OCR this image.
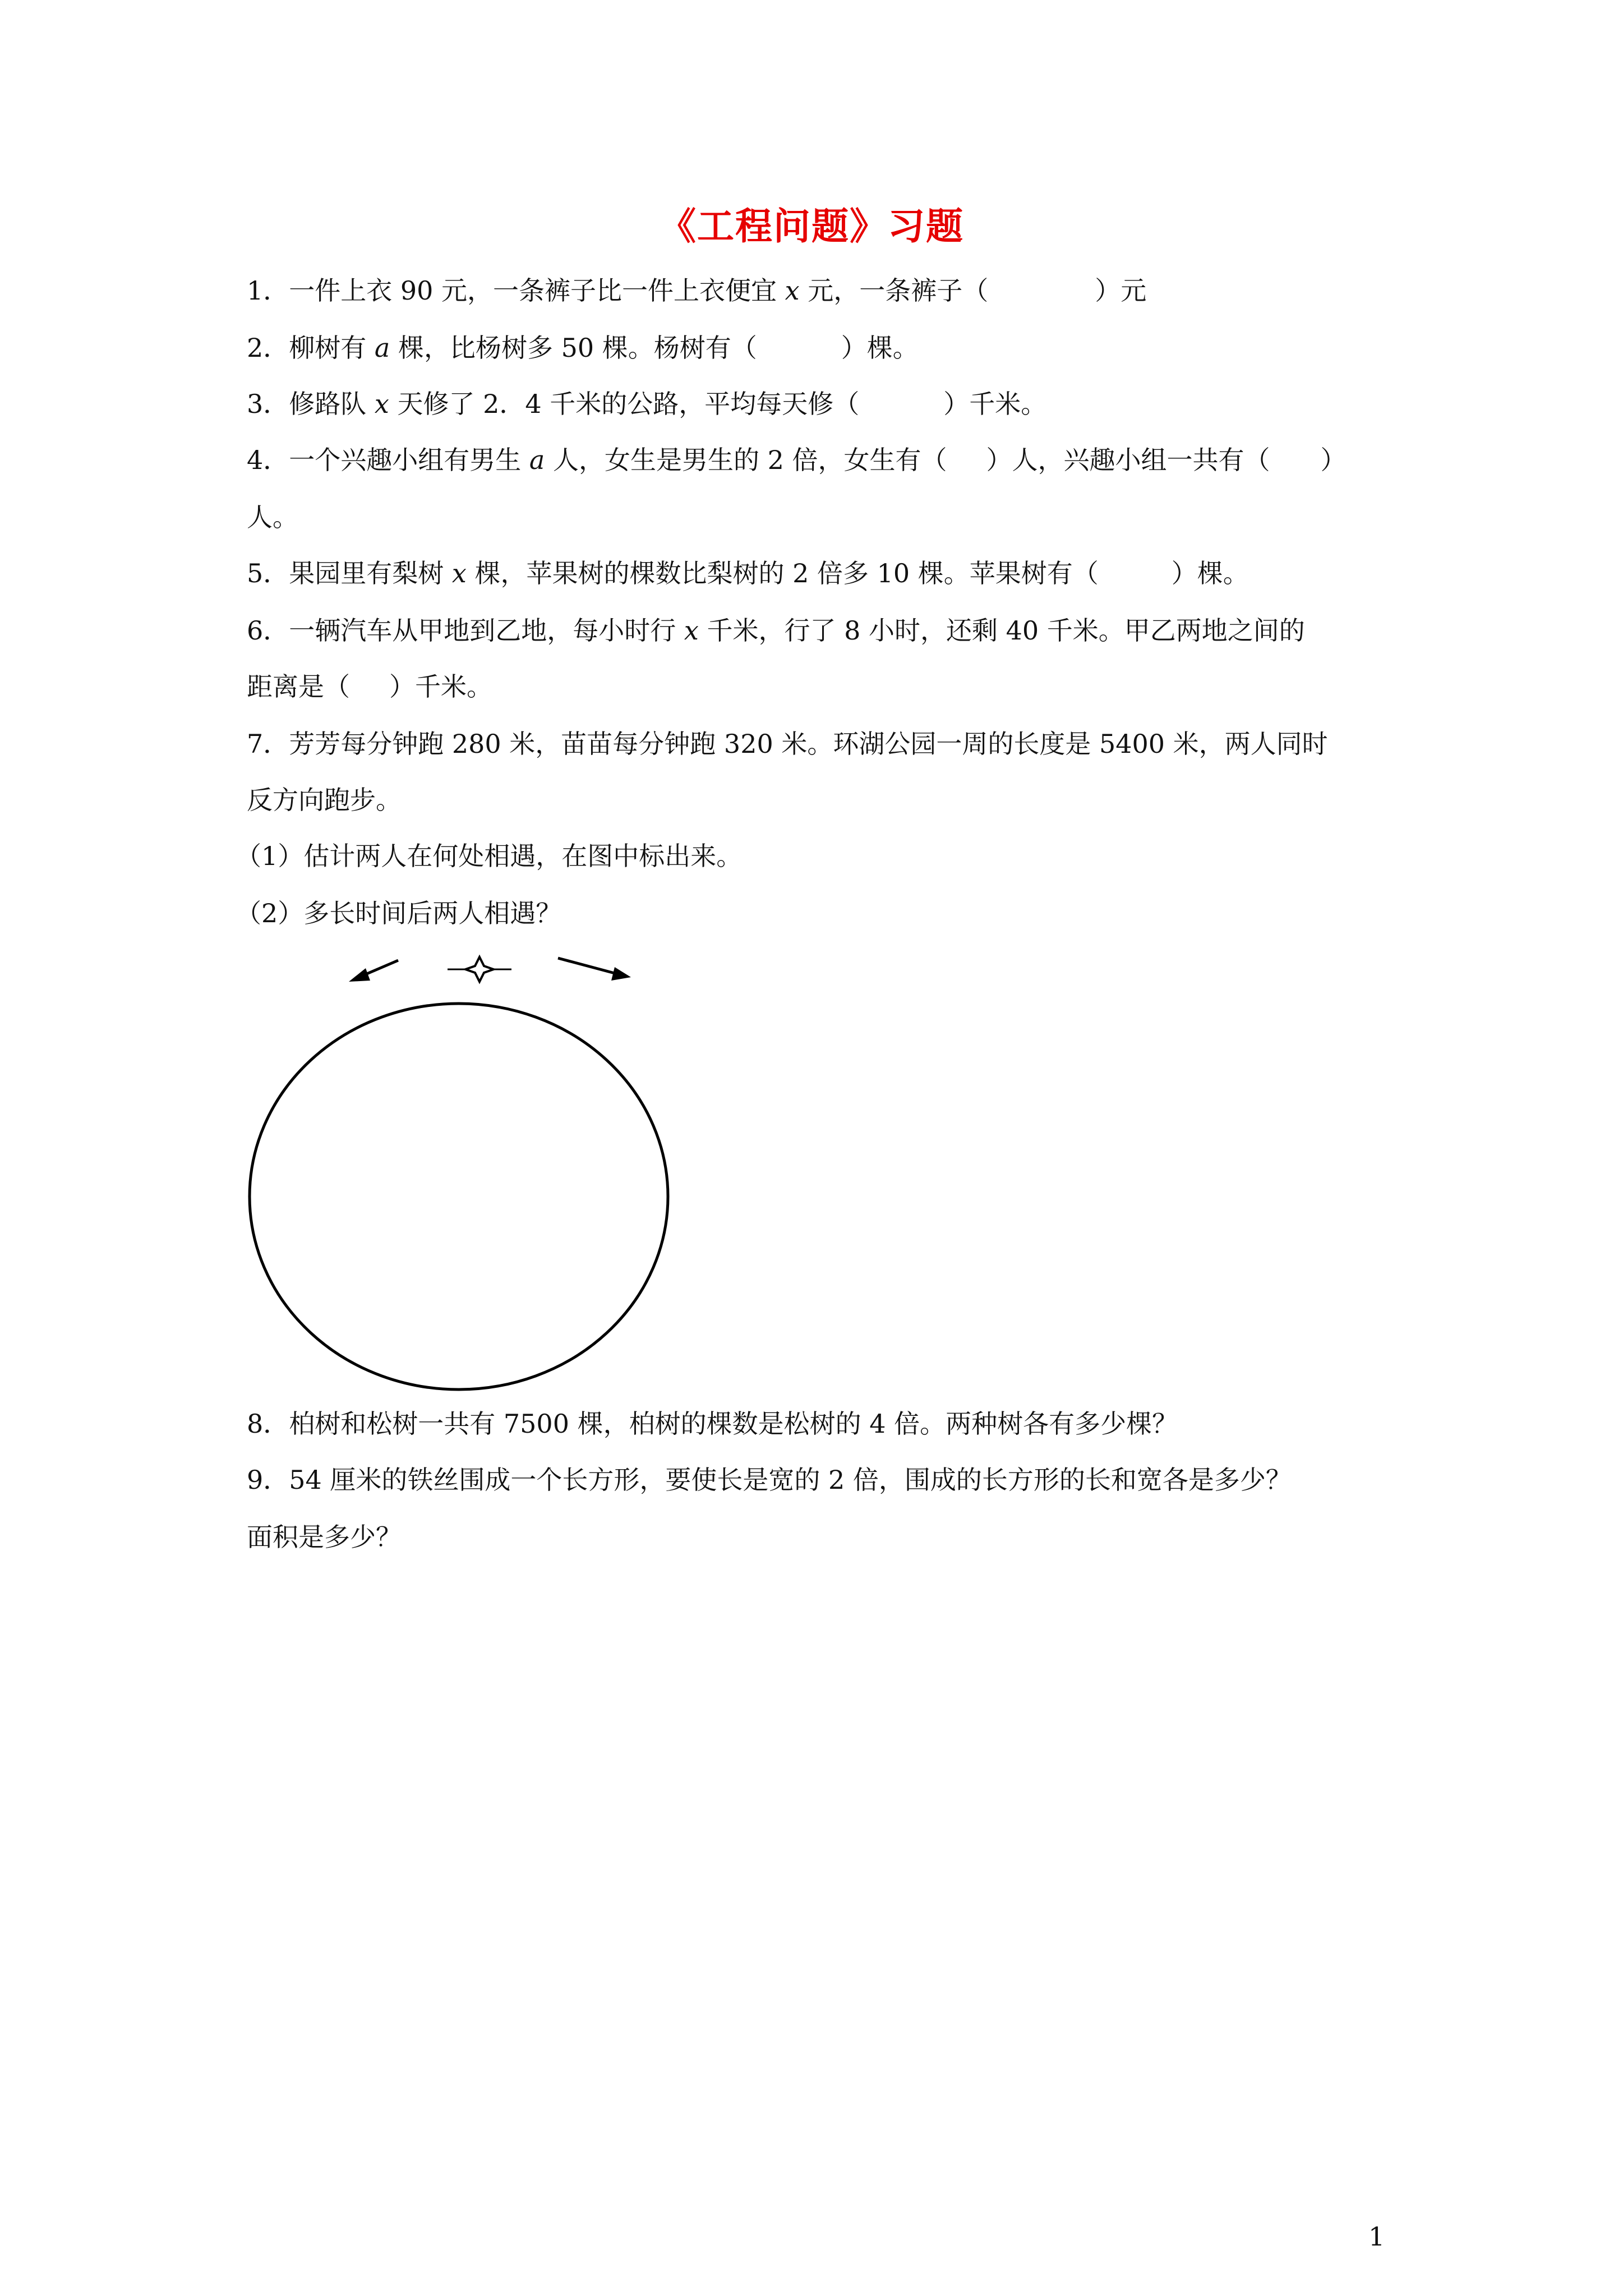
《工程问题》习题
1．一件上衣 90 元，一条裤子比一件上衣便宜 x 元，一条裤子（	）元
2．柳树有 a 棵，比杨树多 50 棵。杨树有（	）棵。
3．修路队 x 天修了 2．4 千米的公路，平均每天修（	）千米。
4．一个兴趣小组有男生 a 人，女生是男生的 2 倍，女生有（ ）人，兴趣小组一共有（ ）
人。
5．果园里有梨树 x 棵，苹果树的棵数比梨树的 2 倍多 10 棵。苹果树有（	）棵。
6．一辆汽车从甲地到乙地，每小时行 x 千米，行了 8 小时，还剩 40 千米。甲乙两地之间的
距离是（ ）千米。
7．芳芳每分钟跑 280 米，苗苗每分钟跑 320 米。环湖公园一周的长度是 5400 米，两人同时
反方向跑步。
（1）估计两人在何处相遇，在图中标出来。
（2）多长时间后两人相遇？
8．柏树和松树一共有 7500 棵，柏树的棵数是松树的 4 倍。两种树各有多少棵？
9．54 厘米的铁丝围成一个长方形，要使长是宽的 2 倍，围成的长方形的长和宽各是多少？
面积是多少？
1
